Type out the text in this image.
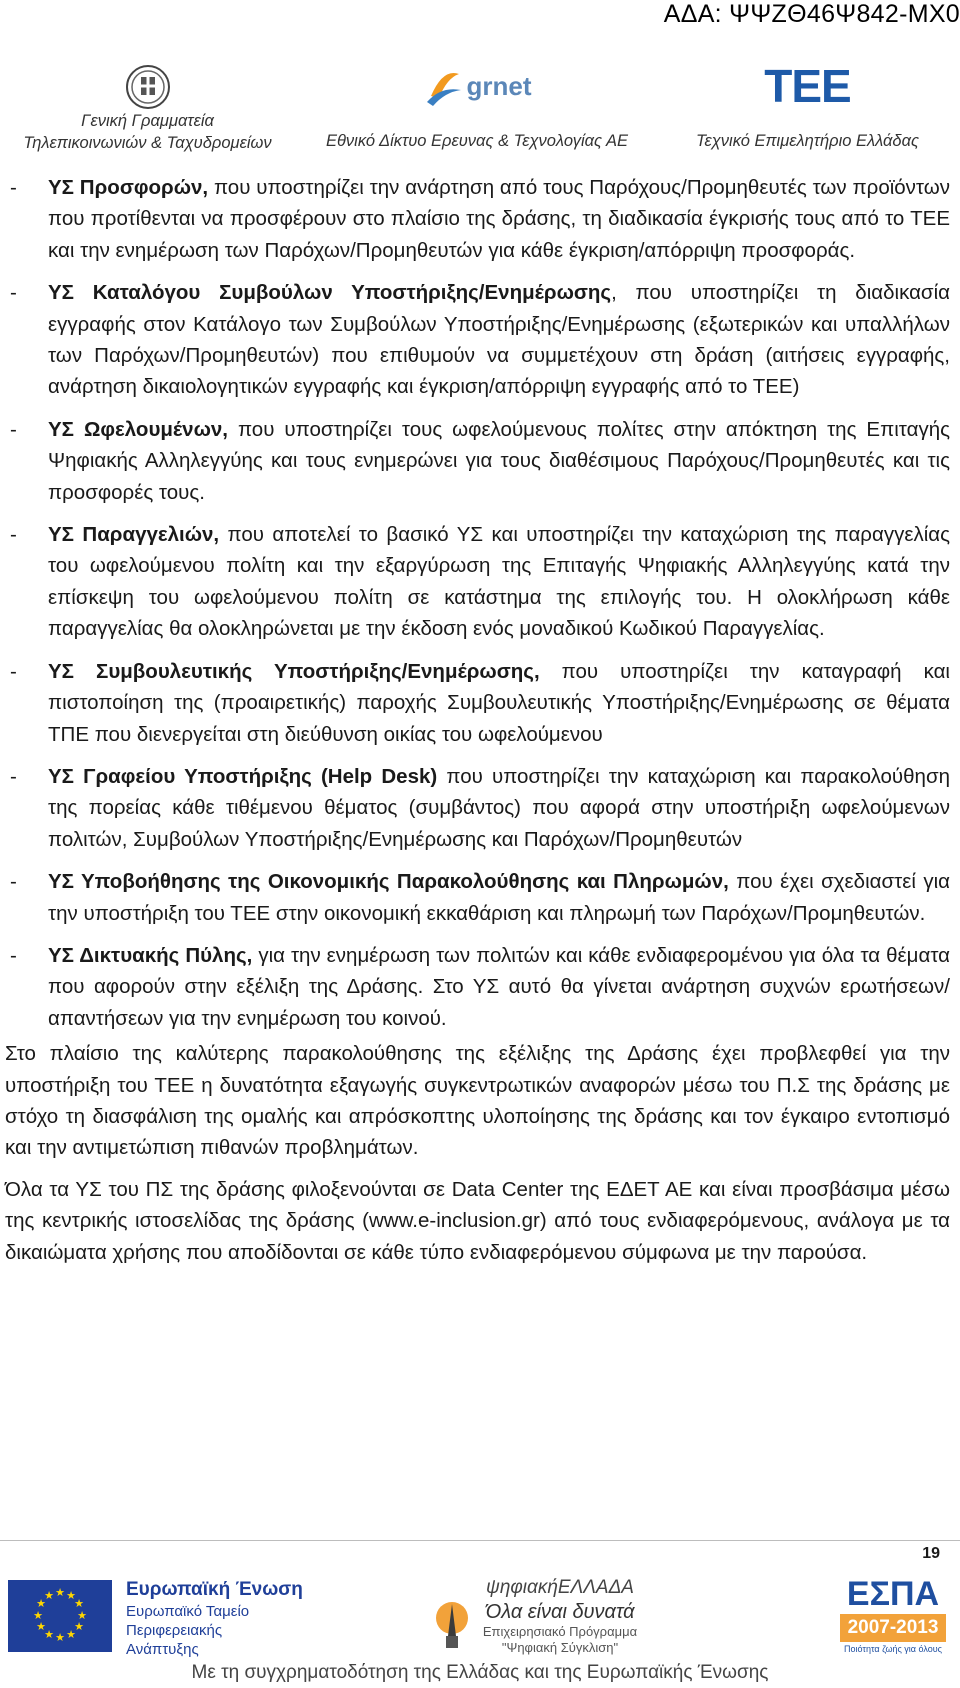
ΑΔΑ: ΨΨΖΘ46Ψ842-ΜΧ0
Γενική Γραμματεία
Τηλεπικοινωνιών & Ταχυδρομείων
grnet
Εθνικό Δίκτυο Ερευνας & Τεχνολογίας ΑΕ
ΤΕΕ
Τεχνικό Επιμελητήριο Ελλάδας
- ΥΣ Προσφορών, που υποστηρίζει την ανάρτηση από τους Παρόχους/Προμηθευτές των προϊόντων που προτίθενται να προσφέρουν στο πλαίσιο της δράσης, τη διαδικασία έγκρισής τους από το ΤΕΕ και την ενημέρωση των Παρόχων/Προμηθευτών για κάθε έγκριση/απόρριψη προσφοράς.
- ΥΣ Καταλόγου Συμβούλων Υποστήριξης/Ενημέρωσης, που υποστηρίζει τη διαδικασία εγγραφής στον Κατάλογο των Συμβούλων Υποστήριξης/Ενημέρωσης (εξωτερικών και υπαλλήλων των Παρόχων/Προμηθευτών) που επιθυμούν να συμμετέχουν στη δράση (αιτήσεις εγγραφής, ανάρτηση δικαιολογητικών εγγραφής και έγκριση/απόρριψη εγγραφής από το ΤΕΕ)
- ΥΣ Ωφελουμένων, που υποστηρίζει τους ωφελούμενους πολίτες στην απόκτηση της Επιταγής Ψηφιακής Αλληλεγγύης και τους ενημερώνει για τους διαθέσιμους Παρόχους/Προμηθευτές και τις προσφορές τους.
- ΥΣ Παραγγελιών, που αποτελεί το βασικό ΥΣ και υποστηρίζει την καταχώριση της παραγγελίας του ωφελούμενου πολίτη και την εξαργύρωση της Επιταγής Ψηφιακής Αλληλεγγύης κατά την επίσκεψη του ωφελούμενου πολίτη σε κατάστημα της επιλογής του. Η ολοκλήρωση κάθε παραγγελίας θα ολοκληρώνεται με την έκδοση ενός μοναδικού Κωδικού Παραγγελίας.
- ΥΣ Συμβουλευτικής Υποστήριξης/Ενημέρωσης, που υποστηρίζει την καταγραφή και πιστοποίηση της (προαιρετικής) παροχής Συμβουλευτικής Υποστήριξης/Ενημέρωσης σε θέματα ΤΠΕ που διενεργείται στη διεύθυνση οικίας του ωφελούμενου
- ΥΣ Γραφείου Υποστήριξης (Help Desk) που υποστηρίζει την καταχώριση και παρακολούθηση της πορείας κάθε τιθέμενου θέματος (συμβάντος) που αφορά στην υποστήριξη ωφελούμενων πολιτών, Συμβούλων Υποστήριξης/Ενημέρωσης και Παρόχων/Προμηθευτών
- ΥΣ Υποβοήθησης της Οικονομικής Παρακολούθησης και Πληρωμών, που έχει σχεδιαστεί για την υποστήριξη του ΤΕΕ στην οικονομική εκκαθάριση και πληρωμή των Παρόχων/Προμηθευτών.
- ΥΣ Δικτυακής Πύλης, για την ενημέρωση των πολιτών και κάθε ενδιαφερομένου για όλα τα θέματα που αφορούν στην εξέλιξη της Δράσης. Στο ΥΣ αυτό θα γίνεται ανάρτηση συχνών ερωτήσεων/απαντήσεων για την ενημέρωση του κοινού.
Στο πλαίσιο της καλύτερης παρακολούθησης της εξέλιξης της Δράσης έχει προβλεφθεί για την υποστήριξη του ΤΕΕ η δυνατότητα εξαγωγής συγκεντρωτικών αναφορών μέσω του Π.Σ της δράσης με στόχο τη διασφάλιση της ομαλής και απρόσκοπτης υλοποίησης της δράσης και τον έγκαιρο εντοπισμό και την αντιμετώπιση πιθανών προβλημάτων.
Όλα τα ΥΣ του ΠΣ της δράσης φιλοξενούνται σε Data Center της ΕΔΕΤ ΑΕ και είναι προσβάσιμα μέσω της κεντρικής ιστοσελίδας της δράσης (www.e-inclusion.gr) από τους ενδιαφερόμενους, ανάλογα με τα δικαιώματα χρήσης που αποδίδονται σε κάθε τύπο ενδιαφερόμενου σύμφωνα με την παρούσα.
19
★ ★
★
★
★
★
★
★
★
★
★
★	Ευρωπαϊκή Ένωση
Ευρωπαϊκό Ταμείο
Περιφερειακής
Ανάπτυξης
ψηφιακήΕΛΛΑΔΑ
Όλα είναι δυνατά
Επιχειρησιακό Πρόγραμμα
"Ψηφιακή Σύγκλιση"
ΕΣΠΑ
2007-2013
Ποιότητα ζωής για όλους
Με τη συγχρηματοδότηση της Ελλάδας και της Ευρωπαϊκής Ένωσης
